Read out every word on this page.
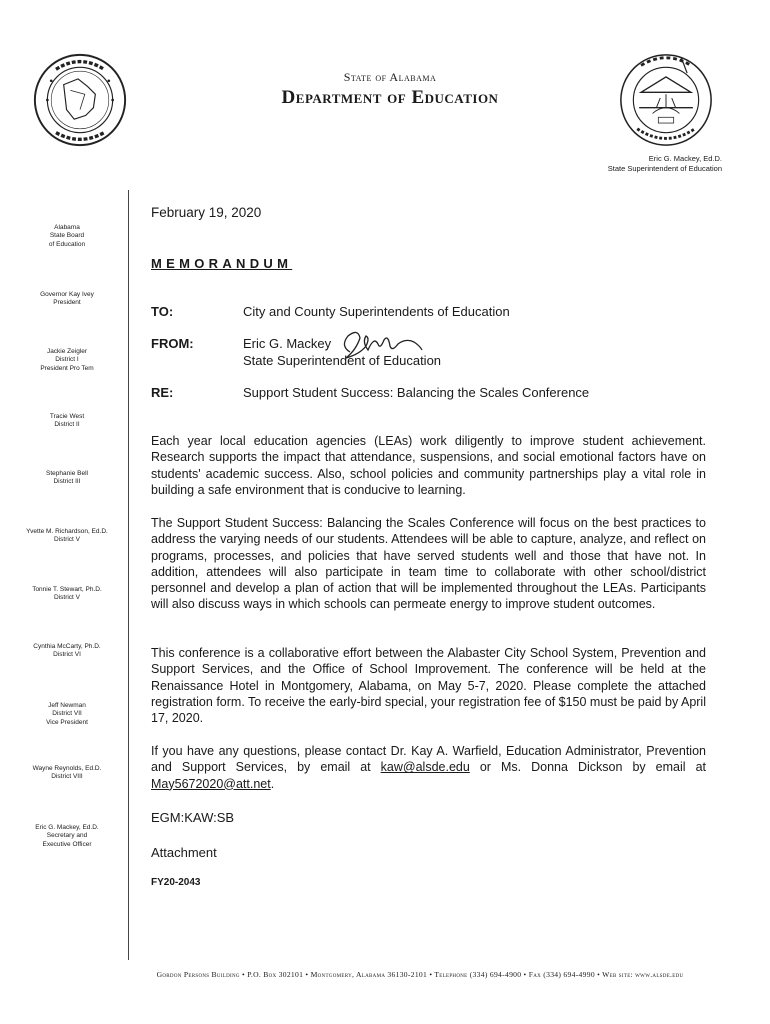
State of Alabama
Department of Education
Eric G. Mackey, Ed.D.
State Superintendent of Education
Alabama
State Board
of Education
Governor Kay Ivey
President
Jackie Zeigler
District I
President Pro Tem
Tracie West
District II
Stephanie Bell
District III
Yvette M. Richardson, Ed.D.
District V
Tonnie T. Stewart, Ph.D.
District V
Cynthia McCarty, Ph.D.
District VI
Jeff Newman
District VII
Vice President
Wayne Reynolds, Ed.D.
District VIII
Eric G. Mackey, Ed.D.
Secretary and
Executive Officer
February 19, 2020
MEMORANDUM
TO:	City and County Superintendents of Education
FROM:	Eric G. Mackey
State Superintendent of Education
RE:	Support Student Success: Balancing the Scales Conference
Each year local education agencies (LEAs) work diligently to improve student achievement. Research supports the impact that attendance, suspensions, and social emotional factors have on students' academic success. Also, school policies and community partnerships play a vital role in building a safe environment that is conducive to learning.
The Support Student Success: Balancing the Scales Conference will focus on the best practices to address the varying needs of our students. Attendees will be able to capture, analyze, and reflect on programs, processes, and policies that have served students well and those that have not. In addition, attendees will also participate in team time to collaborate with other school/district personnel and develop a plan of action that will be implemented throughout the LEAs. Participants will also discuss ways in which schools can permeate energy to improve student outcomes.
This conference is a collaborative effort between the Alabaster City School System, Prevention and Support Services, and the Office of School Improvement. The conference will be held at the Renaissance Hotel in Montgomery, Alabama, on May 5-7, 2020. Please complete the attached registration form. To receive the early-bird special, your registration fee of $150 must be paid by April 17, 2020.
If you have any questions, please contact Dr. Kay A. Warfield, Education Administrator, Prevention and Support Services, by email at kaw@alsde.edu or Ms. Donna Dickson by email at May5672020@att.net.
EGM:KAW:SB
Attachment
FY20-2043
Gordon Persons Building • P.O. Box 302101 • Montgomery, Alabama 36130-2101 • Telephone (334) 694-4900 • Fax (334) 694-4990 • Web site: www.alsde.edu
